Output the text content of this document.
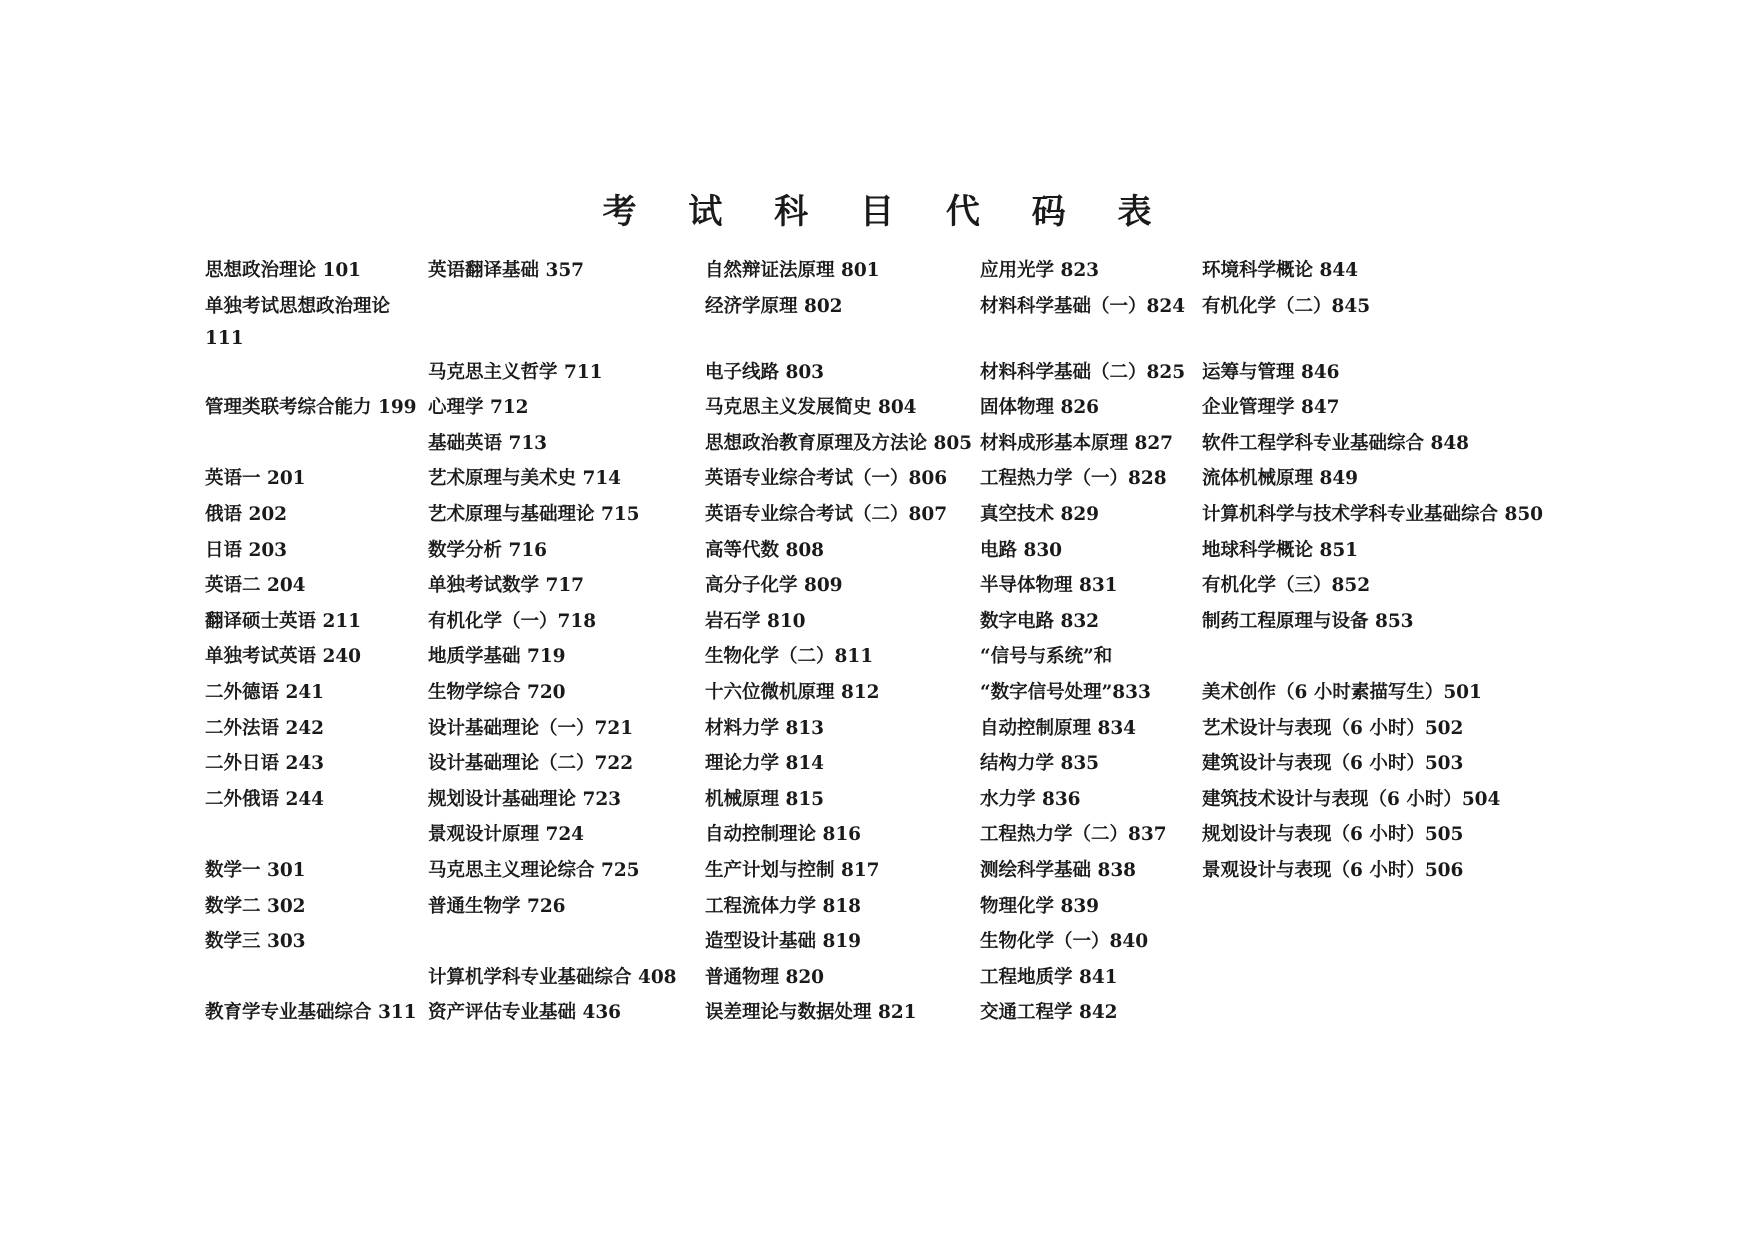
考 试 科 目 代 码 表
思想政治理论 101
单独考试思想政治理论
111
管理类联考综合能力 199
英语一 201
俄语 202
日语 203
英语二 204
翻译硕士英语 211
单独考试英语 240
二外德语 241
二外法语 242
二外日语 243
二外俄语 244
数学一 301
数学二 302
数学三 303
教育学专业基础综合 311
英语翻译基础 357
马克思主义哲学 711
心理学 712
基础英语 713
艺术原理与美术史 714
艺术原理与基础理论 715
数学分析 716
单独考试数学 717
有机化学（一）718
地质学基础 719
生物学综合 720
设计基础理论（一）721
设计基础理论（二）722
规划设计基础理论 723
景观设计原理 724
马克思主义理论综合 725
普通生物学 726
计算机学科专业基础综合 408
资产评估专业基础 436
自然辩证法原理 801
经济学原理 802
电子线路 803
马克思主义发展简史 804
思想政治教育原理及方法论 805
英语专业综合考试（一）806
英语专业综合考试（二）807
高等代数 808
高分子化学 809
岩石学 810
生物化学（二）811
十六位微机原理 812
材料力学 813
理论力学 814
机械原理 815
自动控制理论 816
生产计划与控制 817
工程流体力学 818
造型设计基础 819
普通物理 820
误差理论与数据处理 821
应用光学 823
材料科学基础（一）824
材料科学基础（二）825
固体物理 826
材料成形基本原理 827
工程热力学（一）828
真空技术 829
电路 830
半导体物理 831
数字电路 832
“信号与系统”和
“数字信号处理”833
自动控制原理 834
结构力学 835
水力学 836
工程热力学（二）837
测绘科学基础 838
物理化学 839
生物化学（一）840
工程地质学 841
交通工程学 842
环境科学概论 844
有机化学（二）845
运筹与管理 846
企业管理学 847
软件工程学科专业基础综合 848
流体机械原理 849
计算机科学与技术学科专业基础综合 850
地球科学概论 851
有机化学（三）852
制药工程原理与设备 853
美术创作（6 小时素描写生）501
艺术设计与表现（6 小时）502
建筑设计与表现（6 小时）503
建筑技术设计与表现（6 小时）504
规划设计与表现（6 小时）505
景观设计与表现（6 小时）506
